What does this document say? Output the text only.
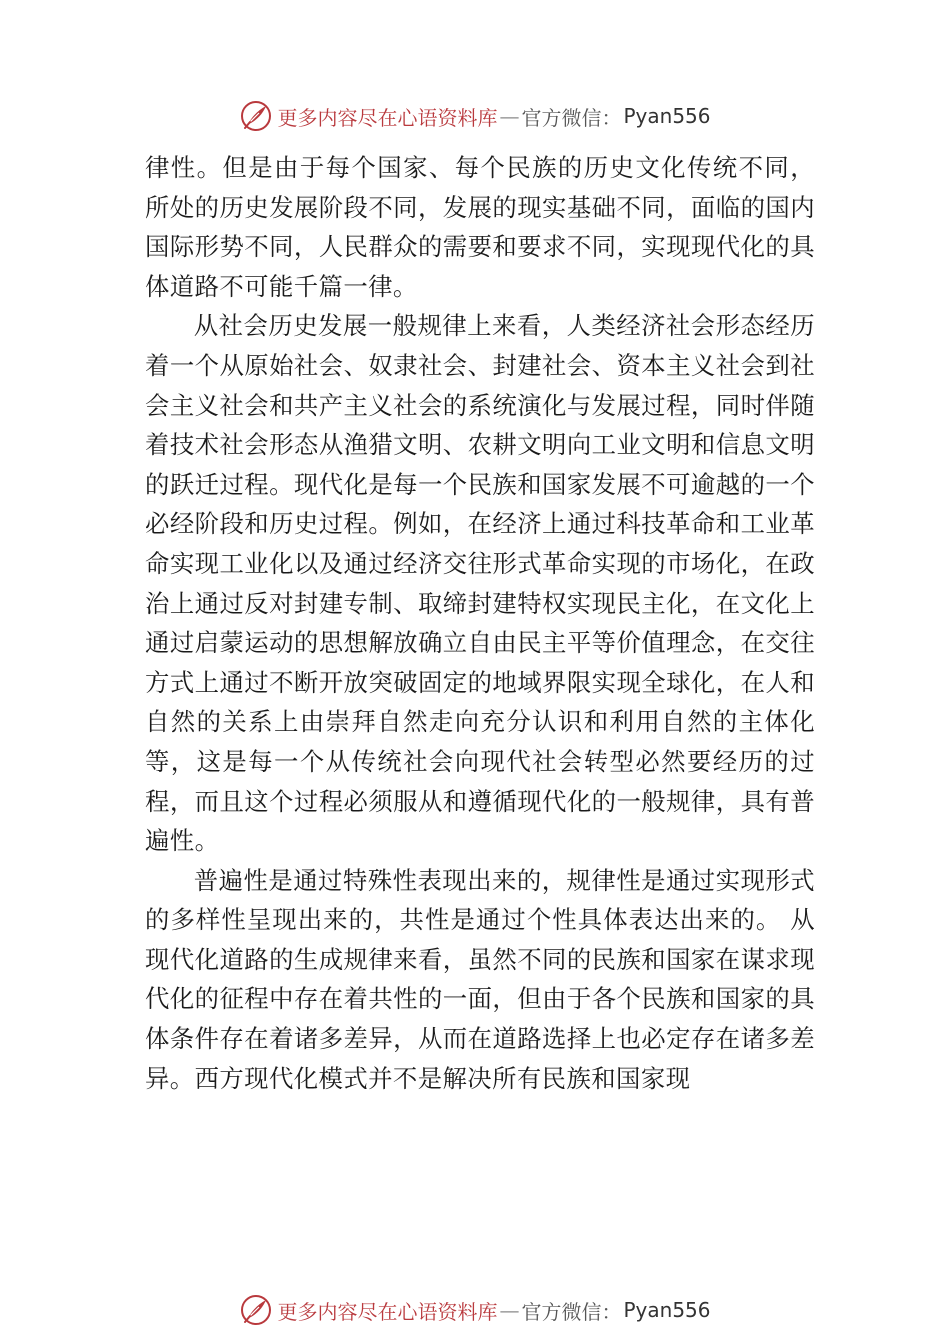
更多内容尽在心语资料库 — 官方微信： Pyan556

律性。但是由于每个国家、每个民族的历史文化传统不同， 所处的历史发展阶段不同，发展的现实基础不同，面临的国内国际形势不同，人民群众的需要和要求不同，实现现代化的具体道路不可能千篇一律。

从社会历史发展一般规律上来看，人类经济社会形态经历着一个从原始社会、奴隶社会、封建社会、资本主义社会到社会主义社会和共产主义社会的系统演化与发展过程，同时伴随着技术社会形态从渔猎文明、农耕文明向工业文明和信息文明的跃迁过程。现代化是每一个民族和国家发展不可逾越的一个必经阶段和历史过程。例如，在经济上通过科技革命和工业革命实现工业化以及通过经济交往形式革命实现的市场化，在政治上通过反对封建专制、取缔封建特权实现民主化，在文化上通过启蒙运动的思想解放确立自由民主平等价值理念，在交往方式上通过不断开放突破固定的地域界限实现全球化，在人和自然的关系上由崇拜自然走向充分认识和利用自然的主体化等，这是每一个从传统社会向现代社会转型必然要经历的过程，而且这个过程必须服从和遵循现代化的一般规律，具有普遍性。

普遍性是通过特殊性表现出来的，规律性是通过实现形式的多样性呈现出来的，共性是通过个性具体表达出来的。 从现代化道路的生成规律来看，虽然不同的民族和国家在谋求现代化的征程中存在着共性的一面，但由于各个民族和国家的具体条件存在着诸多差异，从而在道路选择上也必定存在诸多差异。西方现代化模式并不是解决所有民族和国家现

更多内容尽在心语资料库 — 官方微信： Pyan556
